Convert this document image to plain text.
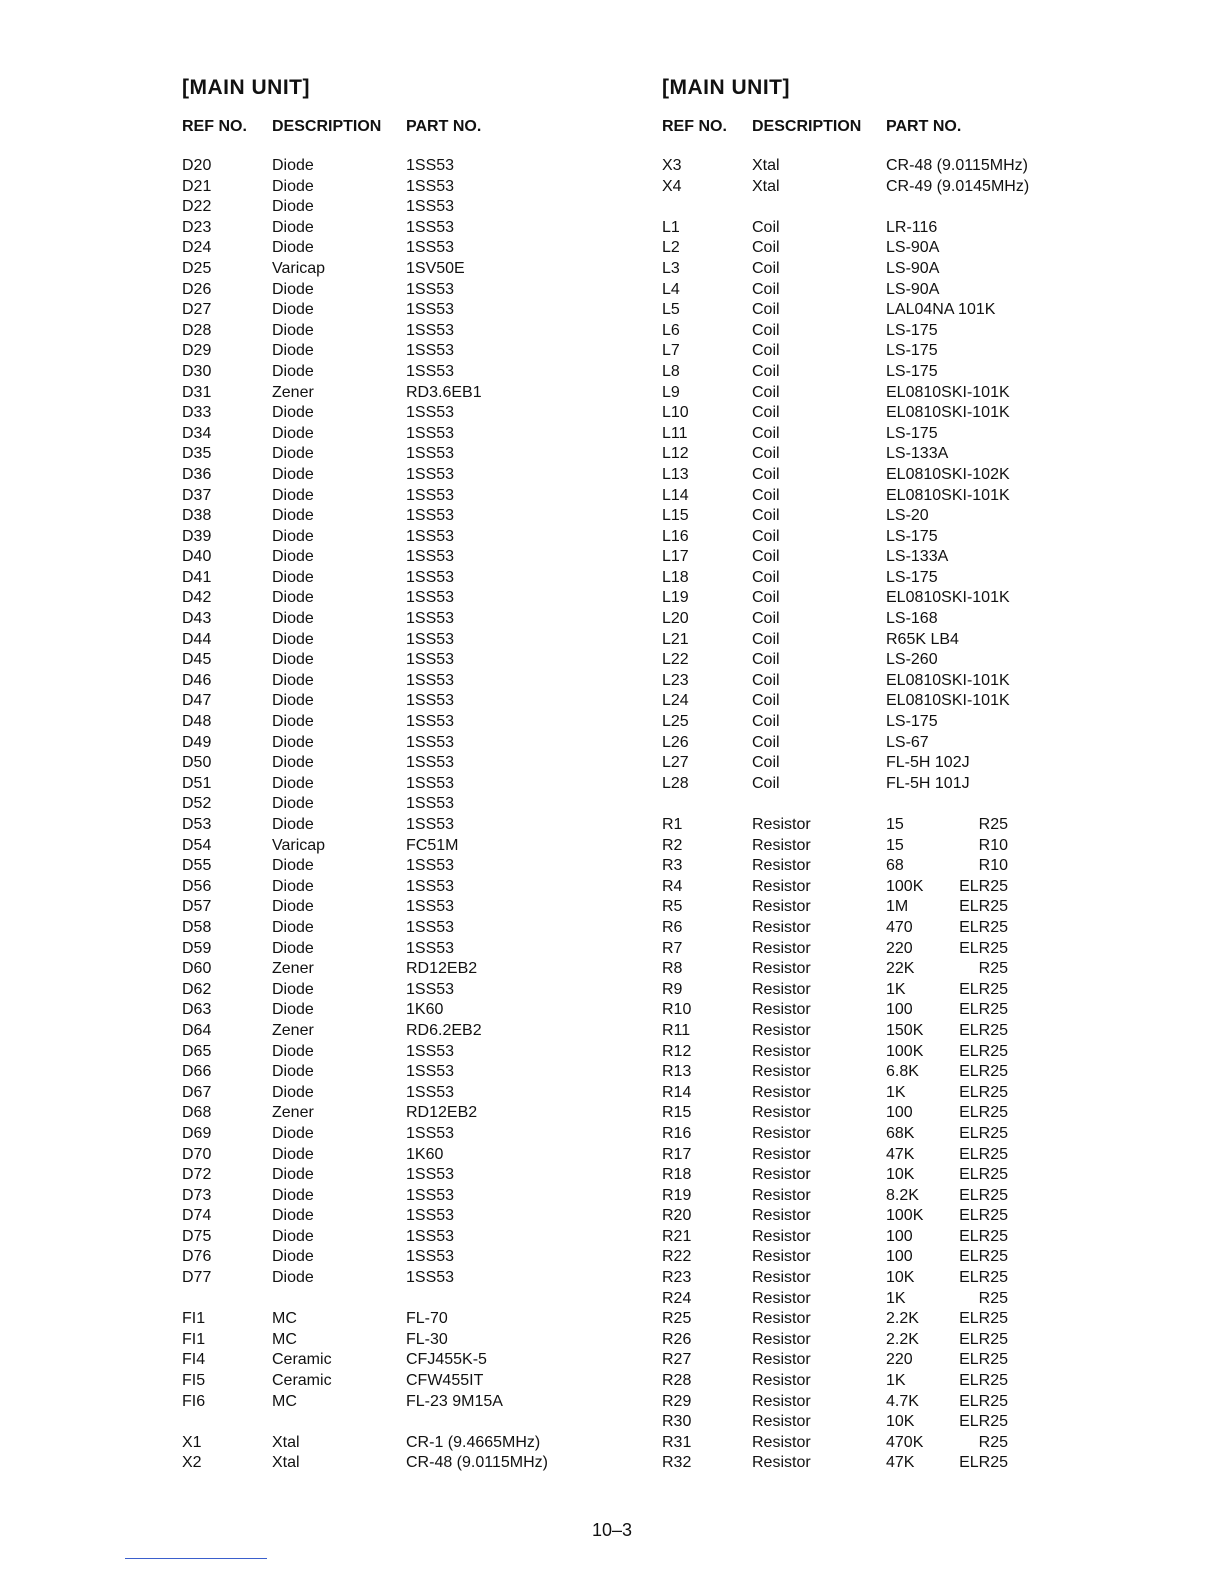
[MAIN UNIT]
REF NO.	DESCRIPTION	PART NO.
D20	Diode	1SS53
D21	Diode	1SS53
D22	Diode	1SS53
D23	Diode	1SS53
D24	Diode	1SS53
D25	Varicap	1SV50E
D26	Diode	1SS53
D27	Diode	1SS53
D28	Diode	1SS53
D29	Diode	1SS53
D30	Diode	1SS53
D31	Zener	RD3.6EB1
D33	Diode	1SS53
D34	Diode	1SS53
D35	Diode	1SS53
D36	Diode	1SS53
D37	Diode	1SS53
D38	Diode	1SS53
D39	Diode	1SS53
D40	Diode	1SS53
D41	Diode	1SS53
D42	Diode	1SS53
D43	Diode	1SS53
D44	Diode	1SS53
D45	Diode	1SS53
D46	Diode	1SS53
D47	Diode	1SS53
D48	Diode	1SS53
D49	Diode	1SS53
D50	Diode	1SS53
D51	Diode	1SS53
D52	Diode	1SS53
D53	Diode	1SS53
D54	Varicap	FC51M
D55	Diode	1SS53
D56	Diode	1SS53
D57	Diode	1SS53
D58	Diode	1SS53
D59	Diode	1SS53
D60	Zener	RD12EB2
D62	Diode	1SS53
D63	Diode	1K60
D64	Zener	RD6.2EB2
D65	Diode	1SS53
D66	Diode	1SS53
D67	Diode	1SS53
D68	Zener	RD12EB2
D69	Diode	1SS53
D70	Diode	1K60
D72	Diode	1SS53
D73	Diode	1SS53
D74	Diode	1SS53
D75	Diode	1SS53
D76	Diode	1SS53
D77	Diode	1SS53
FI1	MC	FL-70
FI1	MC	FL-30
FI4	Ceramic	CFJ455K-5
FI5	Ceramic	CFW455IT
FI6	MC	FL-23 9M15A
X1	Xtal	CR-1 (9.4665MHz)
X2	Xtal	CR-48 (9.0115MHz)
[MAIN UNIT]
REF NO.	DESCRIPTION	PART NO.
X3	Xtal	CR-48 (9.0115MHz)
X4	Xtal	CR-49 (9.0145MHz)
L1	Coil	LR-116
L2	Coil	LS-90A
L3	Coil	LS-90A
L4	Coil	LS-90A
L5	Coil	LAL04NA 101K
L6	Coil	LS-175
L7	Coil	LS-175
L8	Coil	LS-175
L9	Coil	EL0810SKI-101K
L10	Coil	EL0810SKI-101K
L11	Coil	LS-175
L12	Coil	LS-133A
L13	Coil	EL0810SKI-102K
L14	Coil	EL0810SKI-101K
L15	Coil	LS-20
L16	Coil	LS-175
L17	Coil	LS-133A
L18	Coil	LS-175
L19	Coil	EL0810SKI-101K
L20	Coil	LS-168
L21	Coil	R65K LB4
L22	Coil	LS-260
L23	Coil	EL0810SKI-101K
L24	Coil	EL0810SKI-101K
L25	Coil	LS-175
L26	Coil	LS-67
L27	Coil	FL-5H 102J
L28	Coil	FL-5H 101J
R1	Resistor	15	R25
R2	Resistor	15	R10
R3	Resistor	68	R10
R4	Resistor	100K ELR25
R5	Resistor	1M	ELR25
R6	Resistor	470	ELR25
R7	Resistor	220	ELR25
R8	Resistor	22K	R25
R9	Resistor	1K	ELR25
R10	Resistor	100	ELR25
R11	Resistor	150K ELR25
R12	Resistor	100K ELR25
R13	Resistor	6.8K	ELR25
R14	Resistor	1K	ELR25
R15	Resistor	100	ELR25
R16	Resistor	68K	ELR25
R17	Resistor	47K	ELR25
R18	Resistor	10K	ELR25
R19	Resistor	8.2K	ELR25
R20	Resistor	100K ELR25
R21	Resistor	100	ELR25
R22	Resistor	100	ELR25
R23	Resistor	10K	ELR25
R24	Resistor	1K	R25
R25	Resistor	2.2K	ELR25
R26	Resistor	2.2K	ELR25
R27	Resistor	220	ELR25
R28	Resistor	1K	ELR25
R29	Resistor	4.7K	ELR25
R30	Resistor	10K	ELR25
R31	Resistor	470K	R25
R32	Resistor	47K	ELR25
10–3
